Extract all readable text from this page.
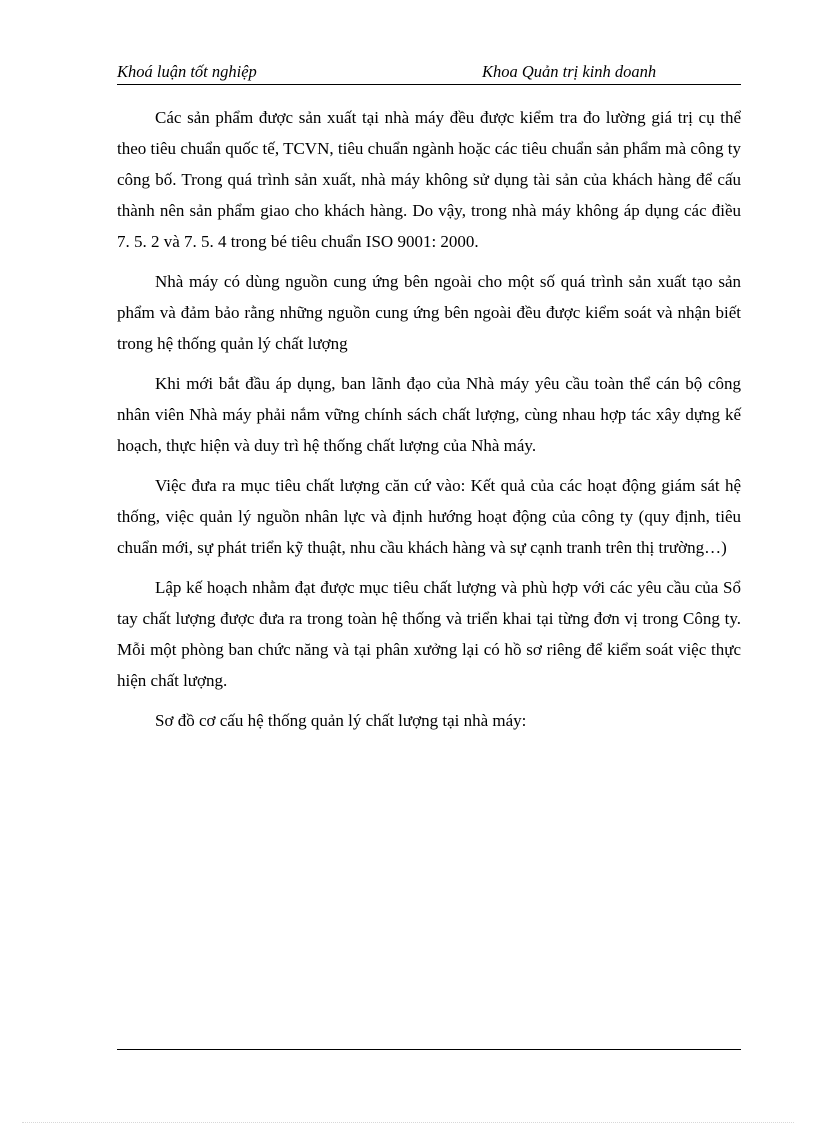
Khoá luận tốt nghiệp	Khoa Quản trị kinh doanh

Các sản phẩm được sản xuất tại nhà máy đều được kiểm tra đo lường giá trị cụ thể theo tiêu chuẩn quốc tế, TCVN, tiêu chuẩn ngành hoặc các tiêu chuẩn sản phẩm mà công ty công bố. Trong quá trình sản xuất, nhà máy không sử dụng tài sản của khách hàng để cấu thành nên sản phẩm giao cho khách hàng. Do vậy, trong nhà máy không áp dụng các điều 7. 5. 2 và 7. 5. 4 trong bé tiêu chuẩn ISO 9001: 2000.

Nhà máy có dùng nguồn cung ứng bên ngoài cho một số quá trình sản xuất tạo sản phẩm và đảm bảo rằng những nguồn cung ứng bên ngoài đều được kiểm soát và nhận biết trong hệ thống quản lý chất lượng

Khi mới bắt đầu áp dụng, ban lãnh đạo của Nhà máy yêu cầu toàn thể cán bộ công nhân viên Nhà máy phải nắm vững chính sách chất lượng, cùng nhau hợp tác xây dựng kế hoạch, thực hiện và duy trì hệ thống chất lượng của Nhà máy.

Việc đưa ra mục tiêu chất lượng căn cứ vào: Kết quả của các hoạt động giám sát hệ thống, việc quản lý nguồn nhân lực và định hướng hoạt động của công ty (quy định, tiêu chuẩn mới, sự phát triển kỹ thuật, nhu cầu khách hàng và sự cạnh tranh trên thị trường…)

Lập kế hoạch nhằm đạt được mục tiêu chất lượng và phù hợp với các yêu cầu của Sổ tay chất lượng được đưa ra trong toàn hệ thống và triển khai tại từng đơn vị trong Công ty. Mỗi một phòng ban chức năng và tại phân xưởng lại có hồ sơ riêng để kiểm soát việc thực hiện chất lượng.

Sơ đồ cơ cấu hệ thống quản lý chất lượng tại nhà máy:
